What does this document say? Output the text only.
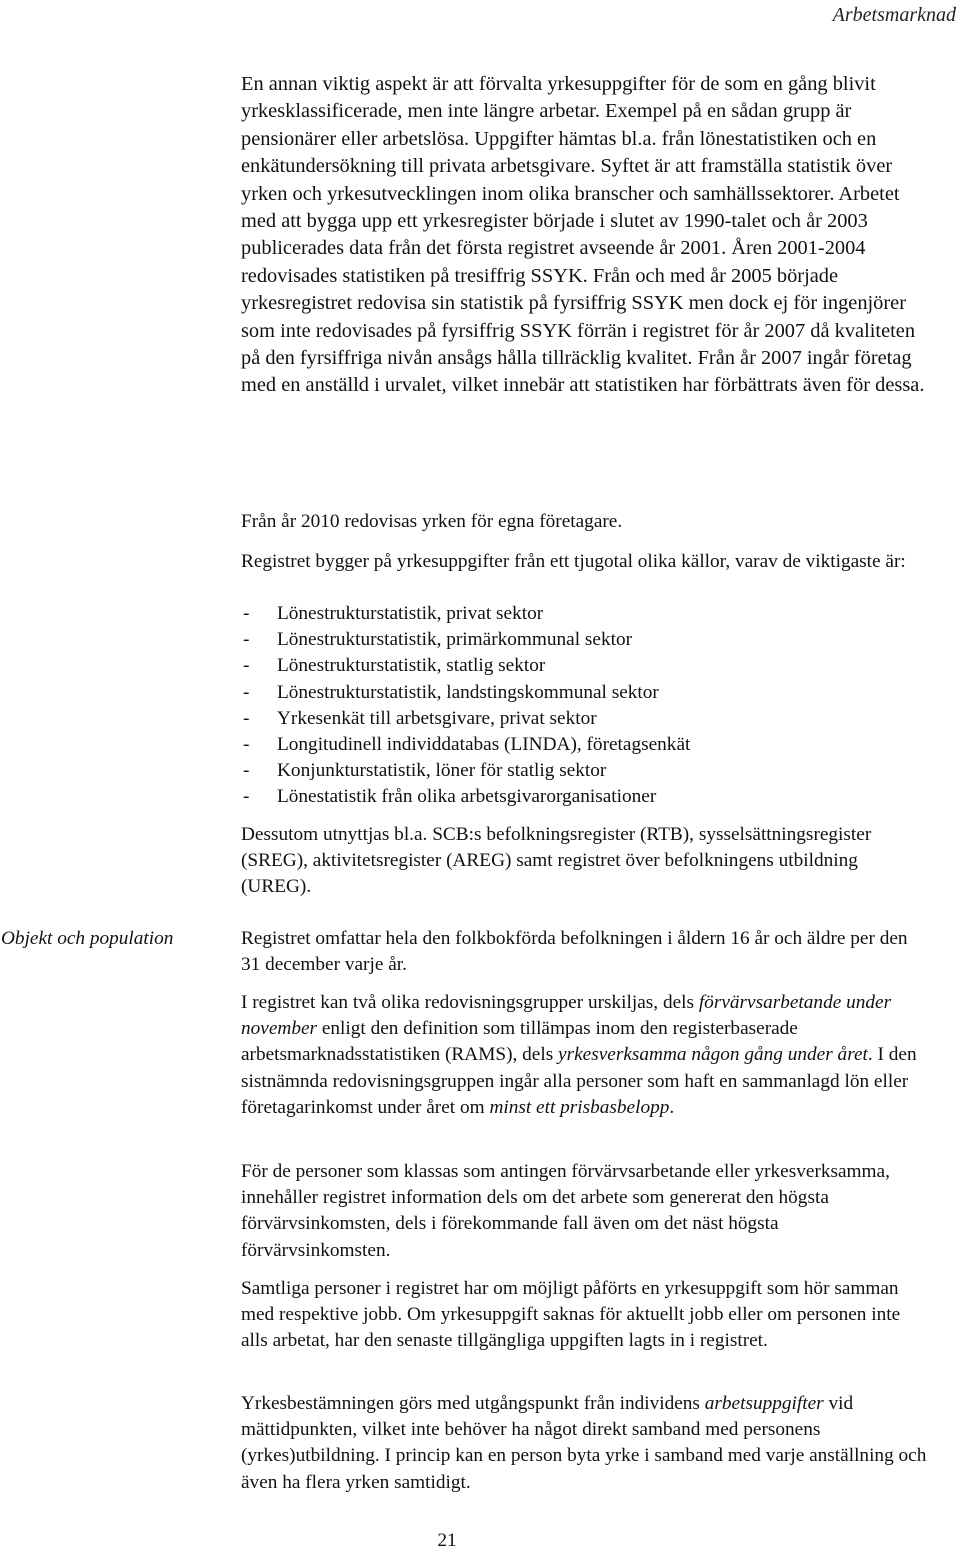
Arbetsmarknad

En annan viktig aspekt är att förvalta yrkesuppgifter för de som en gång blivit yrkesklassificerade, men inte längre arbetar. Exempel på en sådan grupp är pensionärer eller arbetslösa. Uppgifter hämtas bl.a. från lönestatistiken och en enkätundersökning till privata arbetsgivare. Syftet är att framställa statistik över yrken och yrkesutvecklingen inom olika branscher och samhällssektorer. Arbetet med att bygga upp ett yrkesregister började i slutet av 1990-talet och år 2003 publicerades data från det första registret avseende år 2001. Åren 2001-2004 redovisades statistiken på tresiffrig SSYK. Från och med år 2005 började yrkesregistret redovisa sin statistik på fyrsiffrig SSYK men dock ej för ingenjörer som inte redovisades på fyrsiffrig SSYK förrän i registret för år 2007 då kvaliteten på den fyrsiffriga nivån ansågs hålla tillräcklig kvalitet. Från år 2007 ingår företag med en anställd i urvalet, vilket innebär att statistiken har förbättrats även för dessa.

Från år 2010 redovisas yrken för egna företagare.

Registret bygger på yrkesuppgifter från ett tjugotal olika källor, varav de viktigaste är:

- Lönestrukturstatistik, privat sektor
- Lönestrukturstatistik, primärkommunal sektor
- Lönestrukturstatistik, statlig sektor
- Lönestrukturstatistik, landstingskommunal sektor
- Yrkesenkät till arbetsgivare, privat sektor
- Longitudinell individdatabas (LINDA), företagsenkät
- Konjunkturstatistik, löner för statlig sektor
- Lönestatistik från olika arbetsgivarorganisationer

Dessutom utnyttjas bl.a. SCB:s befolkningsregister (RTB), sysselsättningsregister (SREG), aktivitetsregister (AREG) samt registret över befolkningens utbildning (UREG).

Objekt och population	Registret omfattar hela den folkbokförda befolkningen i åldern 16 år och äldre per den 31 december varje år.

I registret kan två olika redovisningsgrupper urskiljas, dels förvärvsarbetande under november enligt den definition som tillämpas inom den registerbaserade arbetsmarknadsstatistiken (RAMS), dels yrkesverksamma någon gång under året. I den sistnämnda redovisningsgruppen ingår alla personer som haft en sammanlagd lön eller företagarinkomst under året om minst ett prisbasbelopp.

För de personer som klassas som antingen förvärvsarbetande eller yrkesverksamma, innehåller registret information dels om det arbete som genererat den högsta förvärvsinkomsten, dels i förekommande fall även om det näst högsta förvärvsinkomsten.

Samtliga personer i registret har om möjligt påförts en yrkesuppgift som hör samman med respektive jobb. Om yrkesuppgift saknas för aktuellt jobb eller om personen inte alls arbetat, har den senaste tillgängliga uppgiften lagts in i registret.

Yrkesbestämningen görs med utgångspunkt från individens arbetsuppgifter vid mättidpunkten, vilket inte behöver ha något direkt samband med personens (yrkes)utbildning. I princip kan en person byta yrke i samband med varje anställning och även ha flera yrken samtidigt.

21
